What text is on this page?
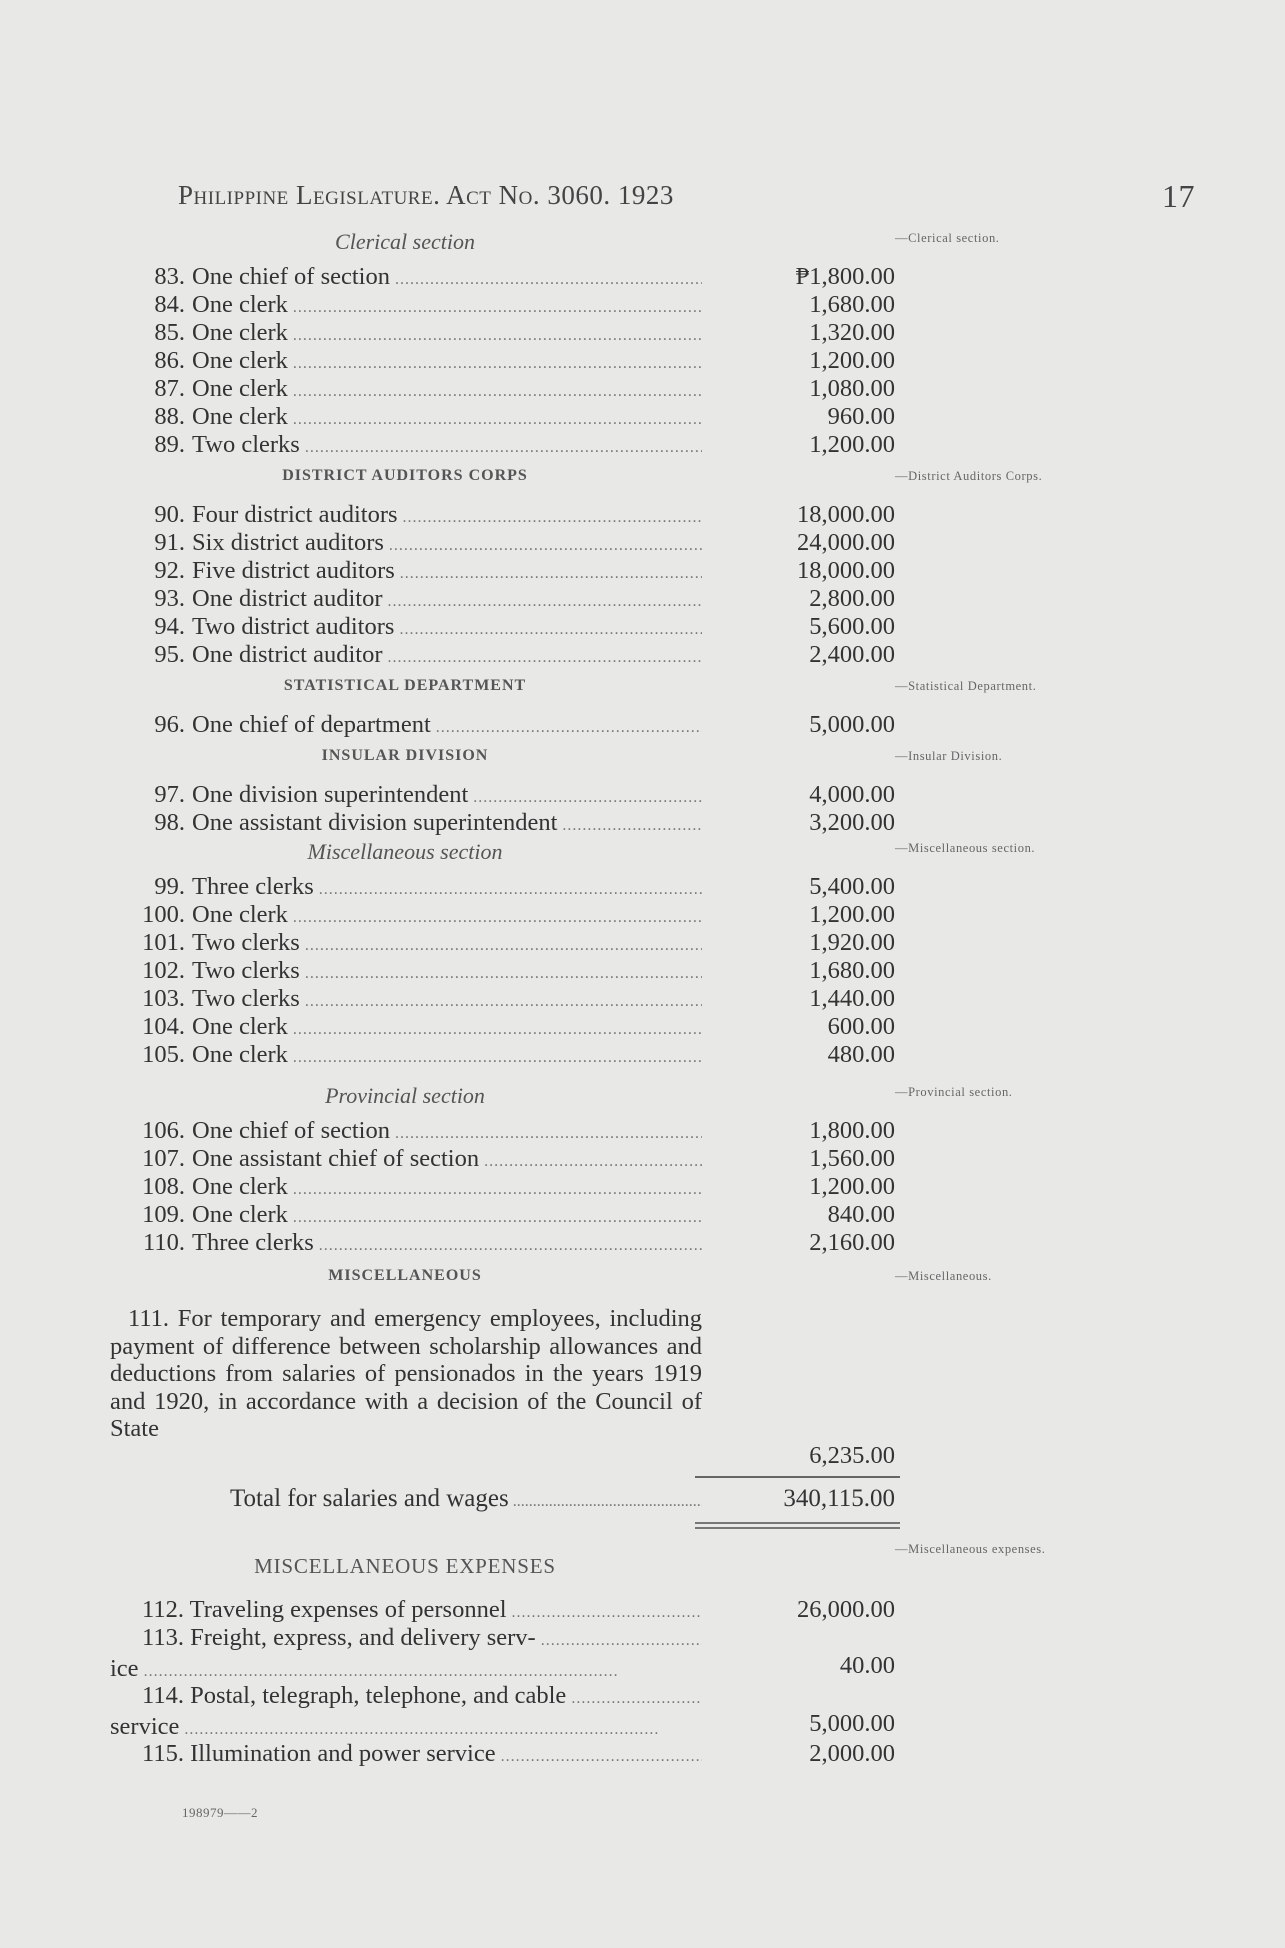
Philippine Legislature. Act No. 3060. 1923	17
Clerical section	—Clerical section.
83. One chief of section .....	₱1,800.00
84. One clerk .....	1,680.00
85. One clerk .....	1,320.00
86. One clerk .....	1,200.00
87. One clerk .....	1,080.00
88. One clerk .....	960.00
89. Two clerks .....	1,200.00
DISTRICT AUDITORS CORPS	—District Auditors Corps.
90. Four district auditors .....	18,000.00
91. Six district auditors .....	24,000.00
92. Five district auditors .....	18,000.00
93. One district auditor .....	2,800.00
94. Two district auditors .....	5,600.00
95. One district auditor .....	2,400.00
STATISTICAL DEPARTMENT	—Statistical Department.
96. One chief of department .....	5,000.00
INSULAR DIVISION	—Insular Division.
97. One division superintendent .....	4,000.00
98. One assistant division superintendent .....	3,200.00
Miscellaneous section	—Miscellaneous section.
99. Three clerks .....	5,400.00
100. One clerk .....	1,200.00
101. Two clerks .....	1,920.00
102. Two clerks .....	1,680.00
103. Two clerks .....	1,440.00
104. One clerk .....	600.00
105. One clerk .....	480.00
Provincial section	—Provincial section.
106. One chief of section .....	1,800.00
107. One assistant chief of section .....	1,560.00
108. One clerk .....	1,200.00
109. One clerk .....	840.00
110. Three clerks .....	2,160.00
MISCELLANEOUS	—Miscellaneous.
111. For temporary and emergency employees, including payment of difference between scholarship allowances and deductions from salaries of pensionados in the years 1919 and 1920, in accordance with a decision of the Council of State
6,235.00
Total for salaries and wages .....	340,115.00
MISCELLANEOUS EXPENSES
—Miscellaneous expenses.
112. Traveling expenses of personnel .....	26,000.00
113. Freight, express, and delivery serv- .....
ice .....	40.00
114. Postal, telegraph, telephone, and cable .....
service .....	5,000.00
115. Illumination and power service .....	2,000.00
198979——2
